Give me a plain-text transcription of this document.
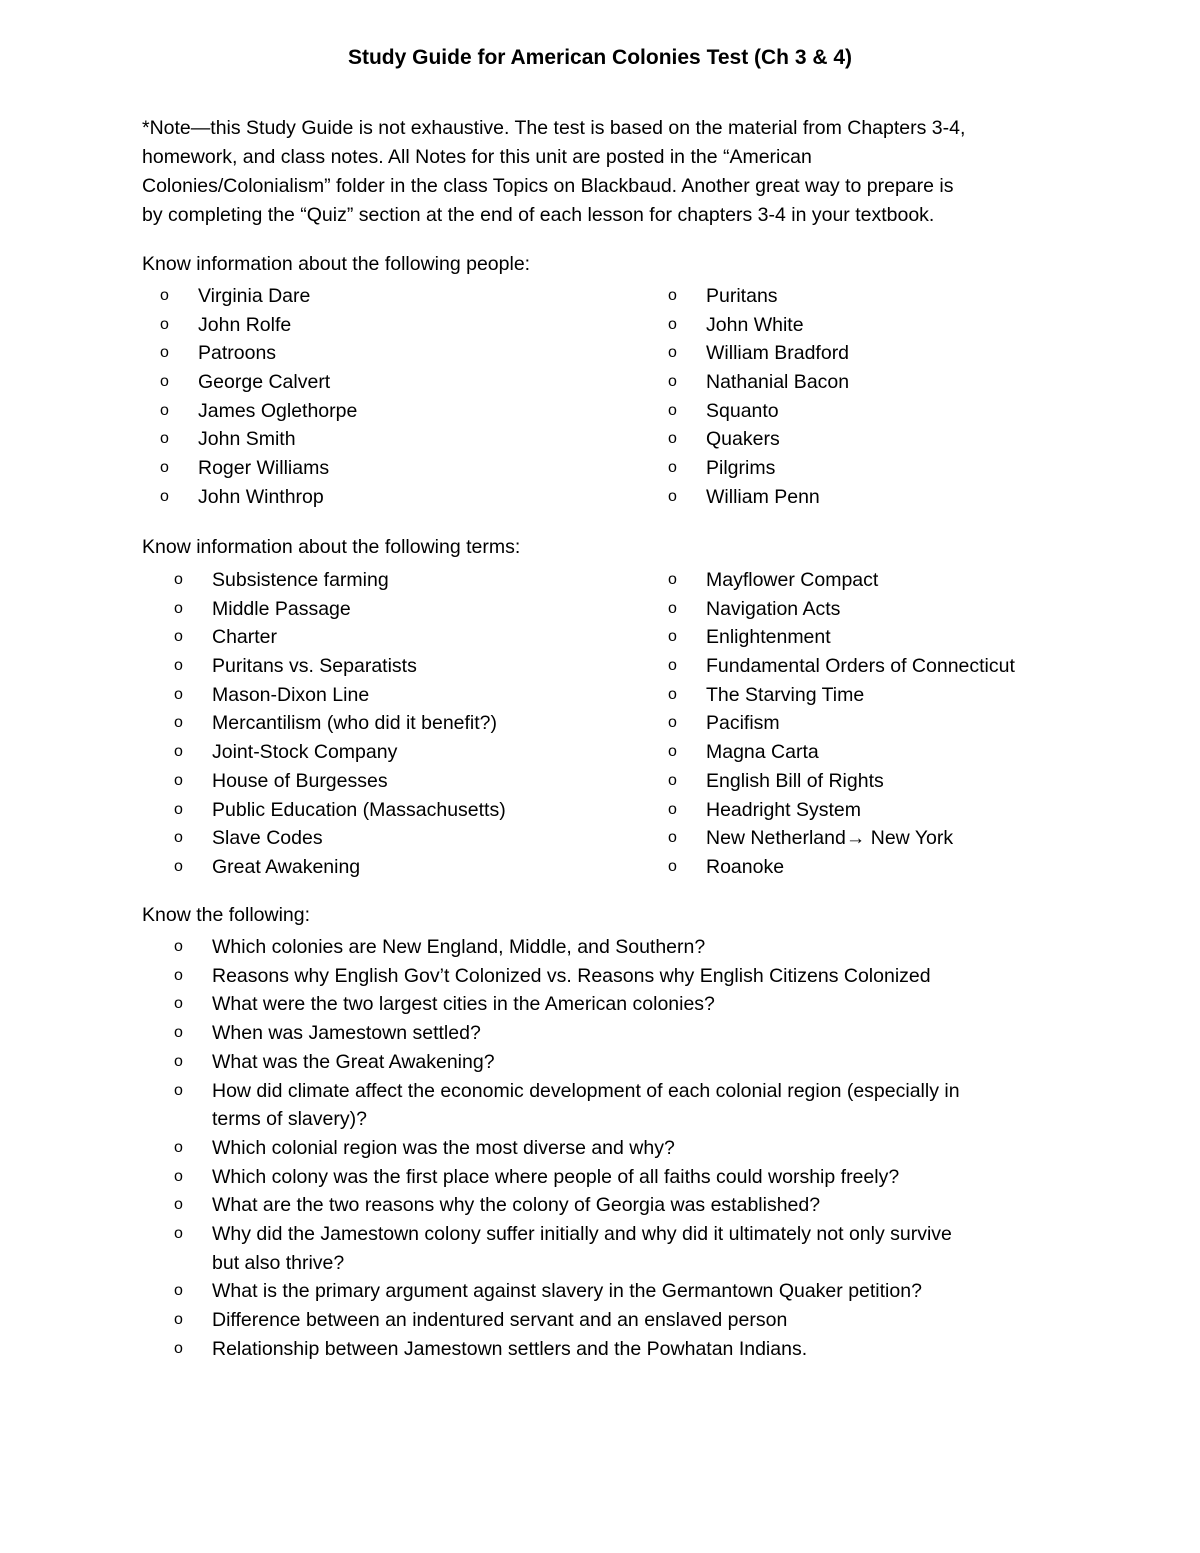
Study Guide for American Colonies Test (Ch 3 & 4)
*Note—this Study Guide is not exhaustive. The test is based on the material from Chapters 3-4,
homework, and class notes. All Notes for this unit are posted in the “American
Colonies/Colonialism” folder in the class Topics on Blackbaud. Another great way to prepare is
by completing the “Quiz” section at the end of each lesson for chapters 3-4 in your textbook.
Know information about the following people:
o Virginia Dare
o John Rolfe
o Patroons
o George Calvert
o James Oglethorpe
o John Smith
o Roger Williams
o John Winthrop
o Puritans
o John White
o William Bradford
o Nathanial Bacon
o Squanto
o Quakers
o Pilgrims
o William Penn
Know information about the following terms:
o Subsistence farming
o Middle Passage
o Charter
o Puritans vs. Separatists
o Mason-Dixon Line
o Mercantilism (who did it benefit?)
o Joint-Stock Company
o House of Burgesses
o Public Education (Massachusetts)
o Slave Codes
o Great Awakening
o Mayflower Compact
o Navigation Acts
o Enlightenment
o Fundamental Orders of Connecticut
o The Starving Time
o Pacifism
o Magna Carta
o English Bill of Rights
o Headright System
o New Netherland→ New York
o Roanoke
Know the following:
o Which colonies are New England, Middle, and Southern?
o Reasons why English Gov’t Colonized vs. Reasons why English Citizens Colonized
o What were the two largest cities in the American colonies?
o When was Jamestown settled?
o What was the Great Awakening?
o How did climate affect the economic development of each colonial region (especially in
terms of slavery)?
o Which colonial region was the most diverse and why?
o Which colony was the first place where people of all faiths could worship freely?
o What are the two reasons why the colony of Georgia was established?
o Why did the Jamestown colony suffer initially and why did it ultimately not only survive
but also thrive?
o What is the primary argument against slavery in the Germantown Quaker petition?
o Difference between an indentured servant and an enslaved person
o Relationship between Jamestown settlers and the Powhatan Indians.
